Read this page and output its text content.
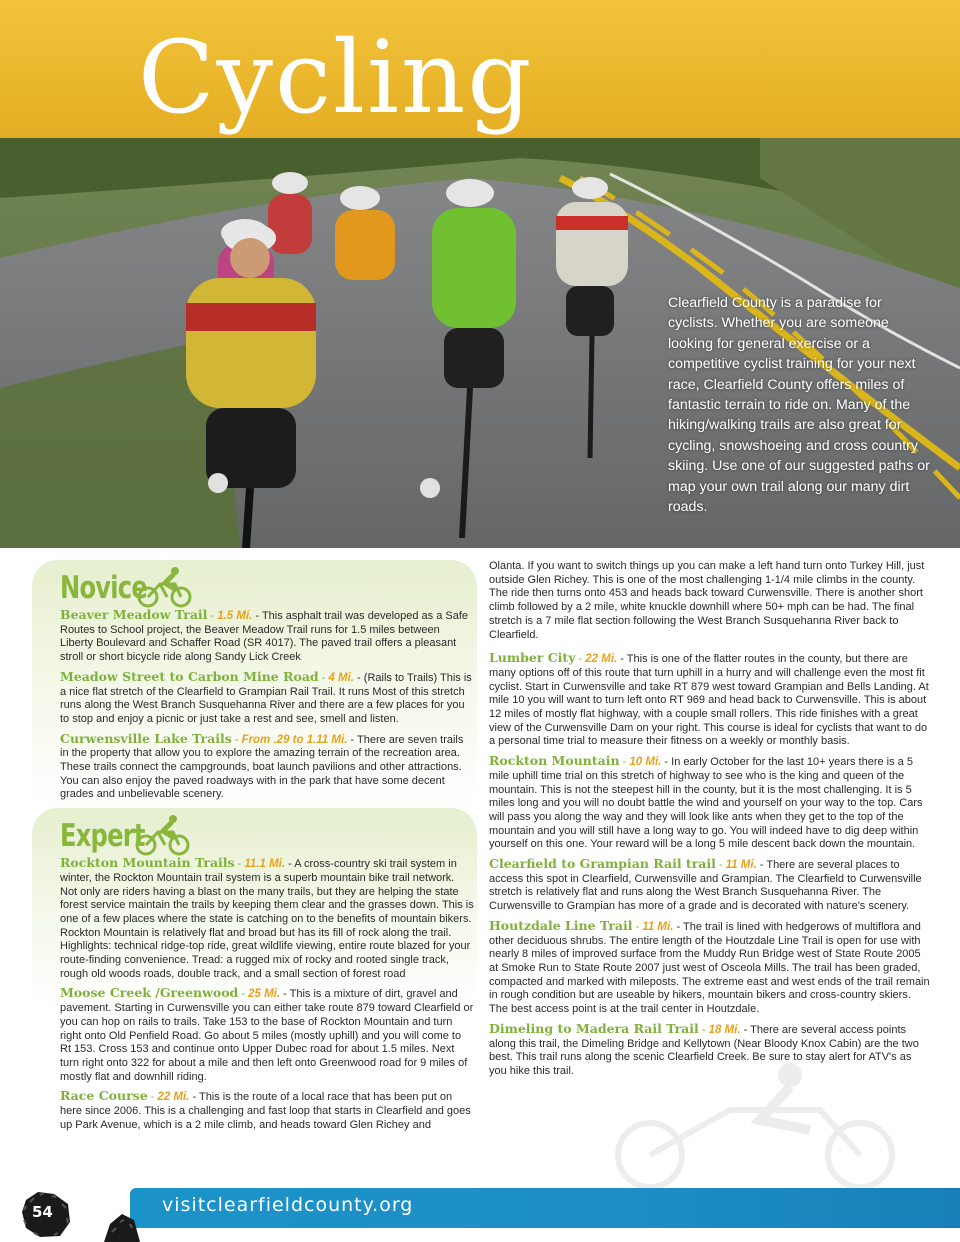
Cycling

Clearfield County is a paradise for cyclists. Whether you are someone looking for general exercise or a competitive cyclist training for your next race, Clearfield County offers miles of fantastic terrain to ride on. Many of the hiking/walking trails are also great for cycling, snowshoeing and cross country skiing. Use one of our suggested paths or map your own trail along our many dirt roads.

Novice

Beaver Meadow Trail - 1.5 Mi. - This asphalt trail was developed as a Safe Routes to School project, the Beaver Meadow Trail runs for 1.5 miles between Liberty Boulevard and Schaffer Road (SR 4017). The paved trail offers a pleasant stroll or short bicycle ride along Sandy Lick Creek

Meadow Street to Carbon Mine Road - 4 Mi. - (Rails to Trails) This is a nice flat stretch of the Clearfield to Grampian Rail Trail. It runs Most of this stretch runs along the West Branch Susquehanna River and there are a few places for you to stop and enjoy a picnic or just take a rest and see, smell and listen.

Curwensville Lake Trails - From .29 to 1.11 Mi. - There are seven trails in the property that allow you to explore the amazing terrain of the recreation area. These trails connect the campgrounds, boat launch pavilions and other attractions. You can also enjoy the paved roadways with in the park that have some decent grades and unbelievable scenery.

Expert

Rockton Mountain Trails - 11.1 Mi. - A cross-country ski trail system in winter, the Rockton Mountain trail system is a superb mountain bike trail network. Not only are riders having a blast on the many trails, but they are helping the state forest service maintain the trails by keeping them clear and the grasses down. This is one of a few places where the state is catching on to the benefits of mountain bikers. Rockton Mountain is relatively flat and broad but has its fill of rock along the trail. Highlights: technical ridge-top ride, great wildlife viewing, entire route blazed for your route-finding convenience. Tread: a rugged mix of rocky and rooted single track, rough old woods roads, double track, and a small section of forest road

Moose Creek /Greenwood - 25 Mi. - This is a mixture of dirt, gravel and pavement. Starting in Curwensville you can either take route 879 toward Clearfield or you can hop on rails to trails. Take 153 to the base of Rockton Mountain and turn right onto Old Penfield Road. Go about 5 miles (mostly uphill) and you will come to Rt 153. Cross 153 and continue onto Upper Dubec road for about 1.5 miles. Next turn right onto 322 for about a mile and then left onto Greenwood road for 9 miles of mostly flat and downhill riding.

Race Course - 22 Mi. - This is the route of a local race that has been put on here since 2006. This is a challenging and fast loop that starts in Clearfield and goes up Park Avenue, which is a 2 mile climb, and heads toward Glen Richey and

Olanta. If you want to switch things up you can make a left hand turn onto Turkey Hill, just outside Glen Richey. This is one of the most challenging 1-1/4 mile climbs in the county. The ride then turns onto 453 and heads back toward Curwensville. There is another short climb followed by a 2 mile, white knuckle downhill where 50+ mph can be had. The final stretch is a 7 mile flat section following the West Branch Susquehanna River back to Clearfield.

Lumber City - 22 Mi. - This is one of the flatter routes in the county, but there are many options off of this route that turn uphill in a hurry and will challenge even the most fit cyclist. Start in Curwensville and take RT 879 west toward Grampian and Bells Landing. At mile 10 you will want to turn left onto RT 969 and head back to Curwensville. This is about 12 miles of mostly flat highway, with a couple small rollers. This ride finishes with a great view of the Curwensville Dam on your right. This course is ideal for cyclists that want to do a personal time trial to measure their fitness on a weekly or monthly basis.

Rockton Mountain - 10 Mi. - In early October for the last 10+ years there is a 5 mile uphill time trial on this stretch of highway to see who is the king and queen of the mountain. This is not the steepest hill in the county, but it is the most challenging. It is 5 miles long and you will no doubt battle the wind and yourself on your way to the top. Cars will pass you along the way and they will look like ants when they get to the top of the mountain and you will still have a long way to go. You will indeed have to dig deep within yourself on this one. Your reward will be a long 5 mile descent back down the mountain.

Clearfield to Grampian Rail trail - 11 Mi. - There are several places to access this spot in Clearfield, Curwensville and Grampian. The Clearfield to Curwensville stretch is relatively flat and runs along the West Branch Susquehanna River. The Curwensville to Grampian has more of a grade and is decorated with nature's scenery.

Houtzdale Line Trail - 11 Mi. - The trail is lined with hedgerows of multiflora and other deciduous shrubs. The entire length of the Houtzdale Line Trail is open for use with nearly 8 miles of improved surface from the Muddy Run Bridge west of State Route 2005 at Smoke Run to State Route 2007 just west of Osceola Mills. The trail has been graded, compacted and marked with mileposts. The extreme east and west ends of the trail remain in rough condition but are useable by hikers, mountain bikers and cross-country skiers. The best access point is at the trail center in Houtzdale.

Dimeling to Madera Rail Trail - 18 Mi. - There are several access points along this trail, the Dimeling Bridge and Kellytown (Near Bloody Knox Cabin) are the two best. This trail runs along the scenic Clearfield Creek. Be sure to stay alert for ATV's as you hike this trail.

visitclearfieldcounty.org
54
